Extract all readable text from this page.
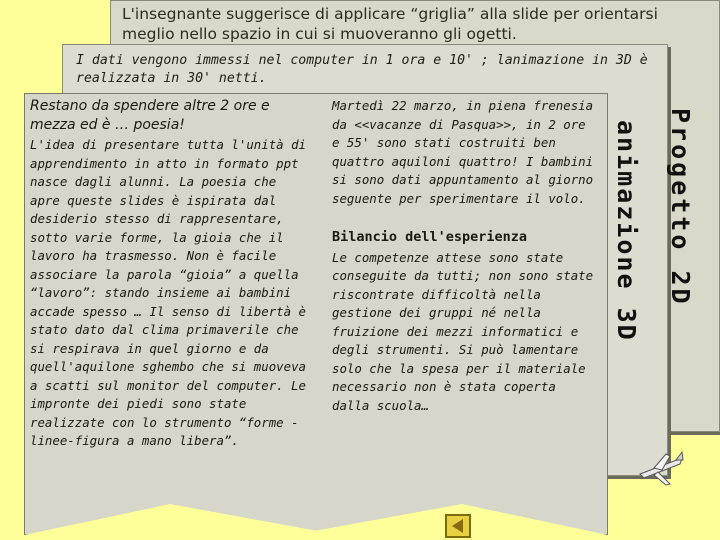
L'insegnante suggerisce di applicare “griglia” alla slide per orientarsi meglio nello spazio in cui si muoveranno gli ogetti.
I dati vengono immessi nel computer in 1 ora e 10' ; lanimazione in 3D è realizzata in 30' netti.
Progetto 2D

Restano da spendere altre 2 ore e mezza ed è … poesia!

L'idea di presentare tutta l'unità di apprendimento in atto in formato ppt nasce dagli alunni. La poesia che apre queste slides è ispirata dal desiderio stesso di rappresentare, sotto varie forme, la gioia che il lavoro ha trasmesso. Non è facile associare la parola “gioia” a quella “lavoro”: stando insieme ai bambini accade spesso … Il senso di libertà è stato dato dal clima primaverile che si respirava in quel giorno e da quell'aquilone sghembo che si muoveva a scatti sul monitor del computer. Le impronte dei piedi sono state realizzate con lo strumento “forme -linee-figura a mano libera”.

Martedì 22 marzo, in piena frenesia da <<vacanze di Pasqua>>, in 2 ore e 55' sono stati costruiti ben quattro aquiloni quattro! I bambini si sono dati appuntamento al giorno seguente per sperimentare il volo.

Bilancio dell'esperienza

Le competenze attese sono state conseguite da tutti; non sono state riscontrate difficoltà nella gestione dei gruppi né nella fruizione dei mezzi informatici e degli strumenti. Si può lamentare solo che la spesa per il materiale necessario non è stata coperta dalla scuola…

animazione 3D
